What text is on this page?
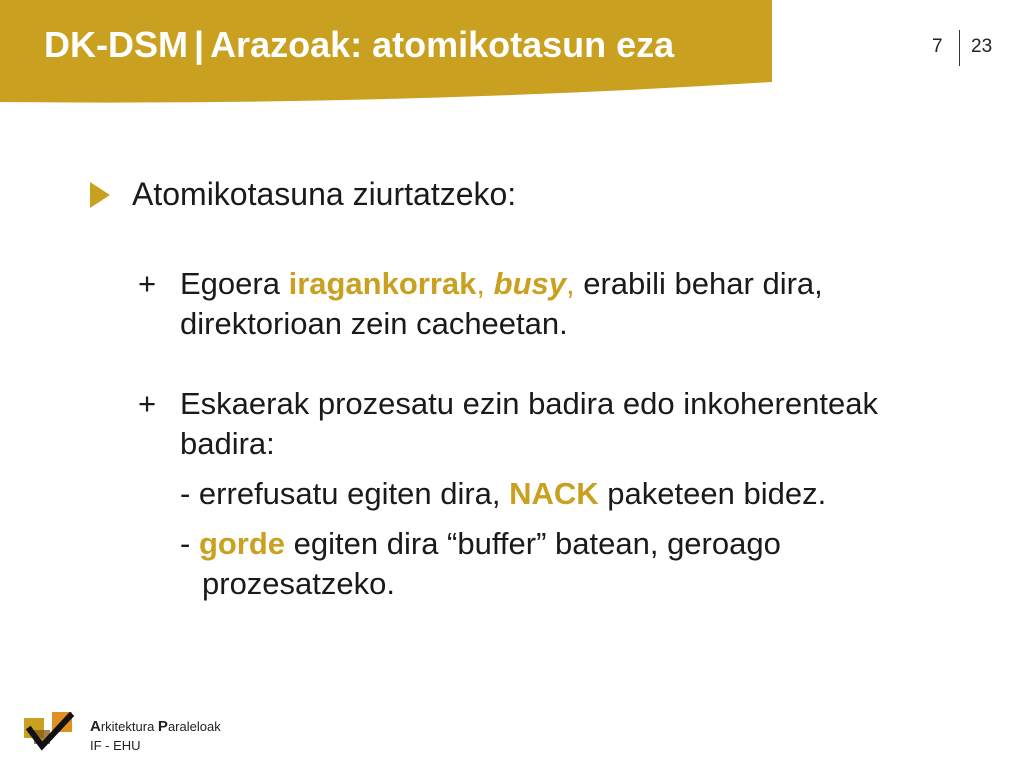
DK-DSM | Arazoak: atomikotasun eza	7 23
Atomikotasuna ziurtatzeko:
+ Egoera iragankorrak, busy, erabili behar dira,
direktorioan zein cacheetan.
+ Eskaerak prozesatu ezin badira edo inkoherenteak
badira:
- errefusatu egiten dira, NACK paketeen bidez.
- gorde egiten dira “buffer” batean, geroago
prozesatzeko.
Arkitektura Paraleloak
IF - EHU
